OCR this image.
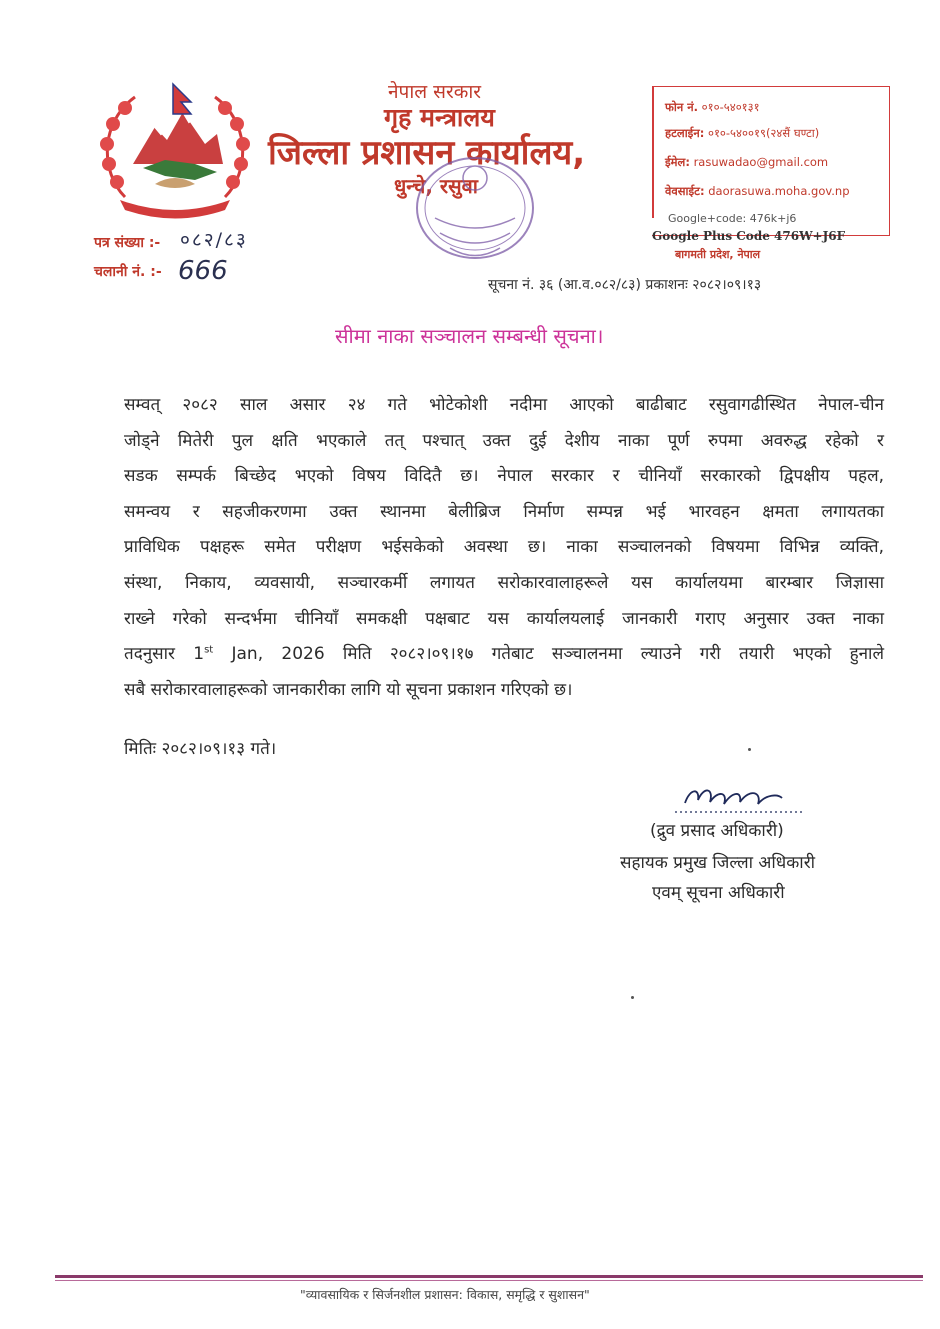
नेपाल सरकार
गृह मन्त्रालय
जिल्ला प्रशासन कार्यालय,
धुन्चे, रसुवा
फोन नं. ०१०-५४०१३१
हटलाईन: ०१०-५४००१९(२४सैं घण्टा)
ईमेल: rasuwadao@gmail.com
वेवसाईट: daorasuwa.moha.gov.np
Google+code: 476k+j6
Google Plus Code 476W+J6F
बागमती प्रदेश, नेपाल
पत्र संख्या :- ०८२/८३
चलानी नं. :- 666	सूचना नं. ३६ (आ.व.०८२/८३) प्रकाशनः २०८२।०९।१३
सीमा नाका सञ्चालन सम्बन्धी सूचना।
सम्वत् २०८२ साल असार २४ गते भोटेकोशी नदीमा आएको बाढीबाट रसुवागढीस्थित नेपाल-चीन
जोड्ने मितेरी पुल क्षति भएकाले तत् पश्चात् उक्त दुई देशीय नाका पूर्ण रुपमा अवरुद्ध रहेको र
सडक सम्पर्क बिच्छेद भएको विषय विदितै छ। नेपाल सरकार र चीनियाँ सरकारको द्विपक्षीय पहल,
समन्वय र सहजीकरणमा उक्त स्थानमा बेलीब्रिज निर्माण सम्पन्न भई भारवहन क्षमता लगायतका
प्राविधिक पक्षहरू समेत परीक्षण भईसकेको अवस्था छ। नाका सञ्चालनको विषयमा विभिन्न व्यक्ति,
संस्था, निकाय, व्यवसायी, सञ्चारकर्मी लगायत सरोकारवालाहरूले यस कार्यालयमा बारम्बार जिज्ञासा
राख्ने गरेको सन्दर्भमा चीनियाँ समकक्षी पक्षबाट यस कार्यालयलाई जानकारी गराए अनुसार उक्त नाका
तदनुसार 1st Jan, 2026 मिति २०८२।०९।१७ गतेबाट सञ्चालनमा ल्याउने गरी तयारी भएको हुनाले
सबै सरोकारवालाहरूको जानकारीका लागि यो सूचना प्रकाशन गरिएको छ।
मितिः २०८२।०९।१३ गते।
(द्रुव प्रसाद अधिकारी)
सहायक प्रमुख जिल्ला अधिकारी
एवम् सूचना अधिकारी
"व्यावसायिक र सिर्जनशील प्रशासन: विकास, समृद्धि र सुशासन"
